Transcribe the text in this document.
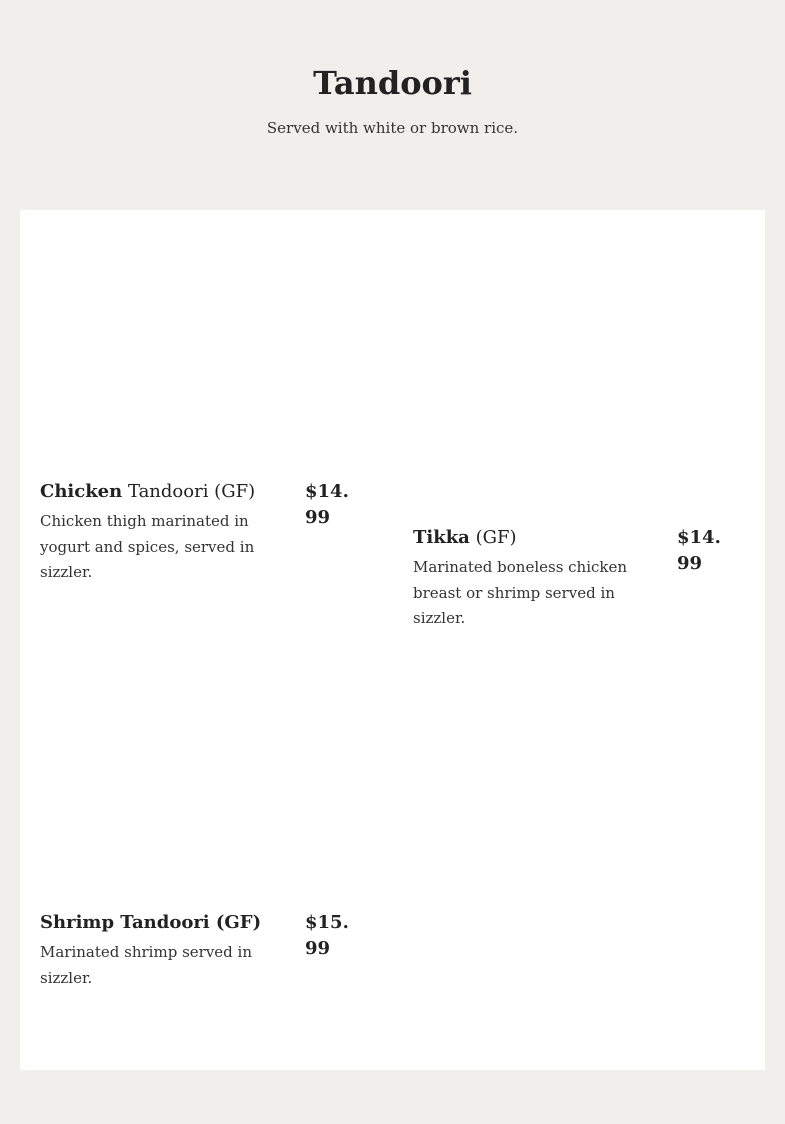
Tandoori

Served with white or brown rice.

Chicken Tandoori (GF)

Chicken thigh marinated in yogurt and spices, served in sizzler.

$14.99
Tikka (GF)

Marinated boneless chicken breast or shrimp served in sizzler.

$14.99
Shrimp Tandoori (GF)

Marinated shrimp served in sizzler.

$15.99
